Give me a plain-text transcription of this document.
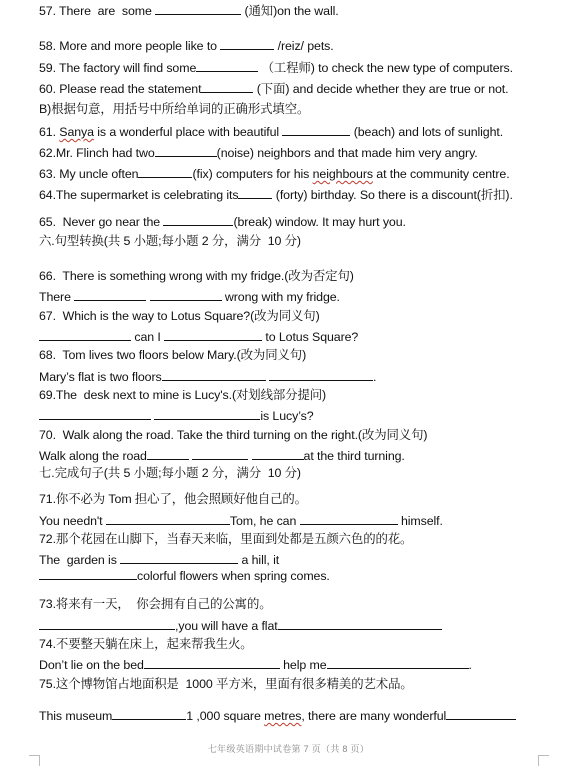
57. There  are  some	(通知)on the wall.
58. More and more people like to	/reiz/ pets.
59. The factory will find some	（工程师) to check the new type of computers.
60. Please read the statement	(下面) and decide whether they are true or not.
B)根据句意，用括号中所给单词的正确形式填空。
61. Sanya is a wonderful place with beautiful	(beach) and lots of sunlight.
62.Mr. Flinch had two	(noise) neighbors and that made him very angry.
63. My uncle often	(fix) computers for his neighbours at the community centre.
64.The supermarket is celebrating its	(forty) birthday. So there is a discount(折扣).
65.  Never go near the	(break) window. It may hurt you.
六.句型转换(共 5 小题;每小题 2 分，满分  10 分)
66.  There is something wrong with my fridge.(改为否定句)
There	wrong with my fridge.
67.  Which is the way to Lotus Square?(改为同义句)
can I	to Lotus Square?
68.  Tom lives two floors below Mary.(改为同义句)
Mary’s flat is two floors	.
69.The  desk next to mine is Lucy's.(对划线部分提问)
is Lucy’s?
70.  Walk along the road. Take the third turning on the right.(改为同义句)
Walk along the road	at the third turning.
七.完成句子(共 5 小题;每小题 2 分，满分  10 分)
71.你不必为 Tom 担心了，他会照顾好他自己的。
You needn't	Tom, he can	himself.
72.那个花园在山脚下，当春天来临，里面到处都是五颜六色的的花。
The  garden is	a hill, it
colorful flowers when spring comes.
73.将来有一天，  你会拥有自己的公寓的。
,you will have a flat
74.不要整天躺在床上，起来帮我生火。
Don’t lie on the bed	help me	.
75.这个博物馆占地面积是  1000 平方米，里面有很多精美的艺术品。
This museum	1 ,000 square metres, there are many wonderful
七年级英语期中试卷第 7 页（共 8 页）
